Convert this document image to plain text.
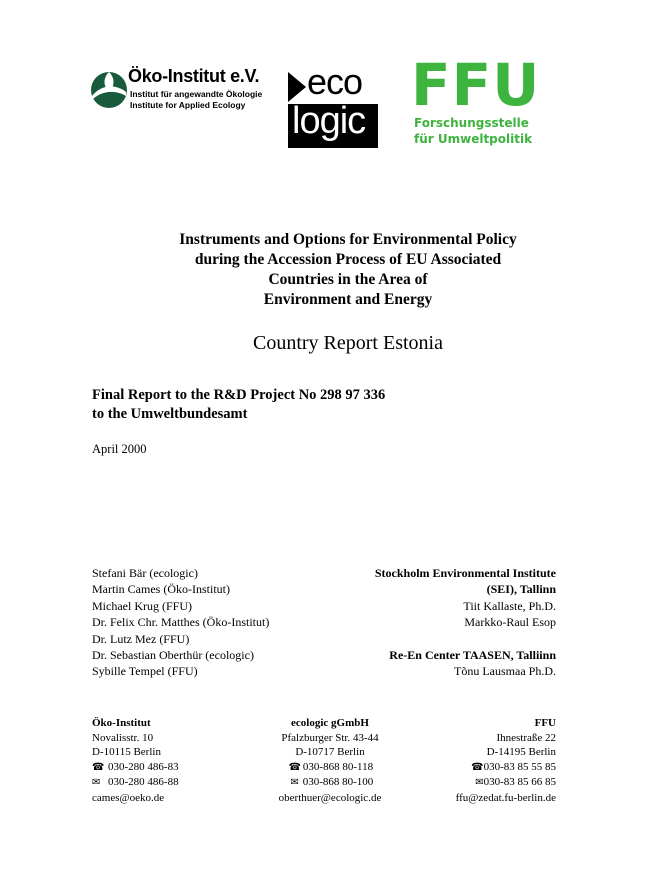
Öko-Institut e.V.
Institut für angewandte Ökologie
Institute for Applied Ecology
eco
logic
FFU
Forschungsstelle
für Umweltpolitik
Instruments and Options for Environmental Policy
during the Accession Process of EU Associated
Countries in the Area of
Environment and Energy
Country Report Estonia
Final Report to the R&D Project No 298 97 336
to the Umweltbundesamt
April 2000
Stefani Bär (ecologic)
Martin Cames (Öko-Institut)
Michael Krug (FFU)
Dr. Felix Chr. Matthes (Öko-Institut)
Dr. Lutz Mez (FFU)
Dr. Sebastian Oberthür (ecologic)
Sybille Tempel (FFU)
Stockholm Environmental Institute
(SEI), Tallinn
Tiit Kallaste, Ph.D.
Markko-Raul Esop

Re-En Center TAASEN, Talliinn
Tõnu Lausmaa Ph.D.
Öko-Institut
Novalisstr. 10
D-10115 Berlin
☎ 030-280 486-83
✉ 030-280 486-88
cames@oeko.de
ecologic gGmbH
Pfalzburger Str. 43-44
D-10717 Berlin
☎ 030-868 80-118
✉ 030-868 80-100
oberthuer@ecologic.de
FFU
Ihnestraße 22
D-14195 Berlin
☎030-83 85 55 85
✉030-83 85 66 85
ffu@zedat.fu-berlin.de
